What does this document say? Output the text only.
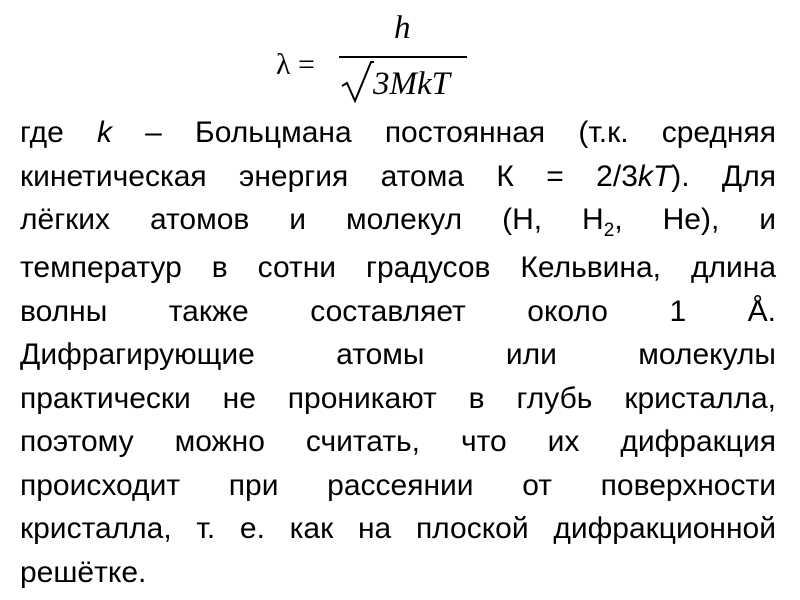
λ =
h
3MkT
где k – Больцмана постоянная (т.к. средняя
кинетическая энергия атома К = 2/3kT). Для
лёгких атомов и молекул (Н, $Н_2$, Не), и
температур в сотни градусов Кельвина, длина
волны также составляет около 1 Å.
Дифрагирующие атомы или молекулы
практически не проникают в глубь кристалла,
поэтому можно считать, что их дифракция
происходит при рассеянии от поверхности
кристалла, т. е. как на плоской дифракционной
решётке.
